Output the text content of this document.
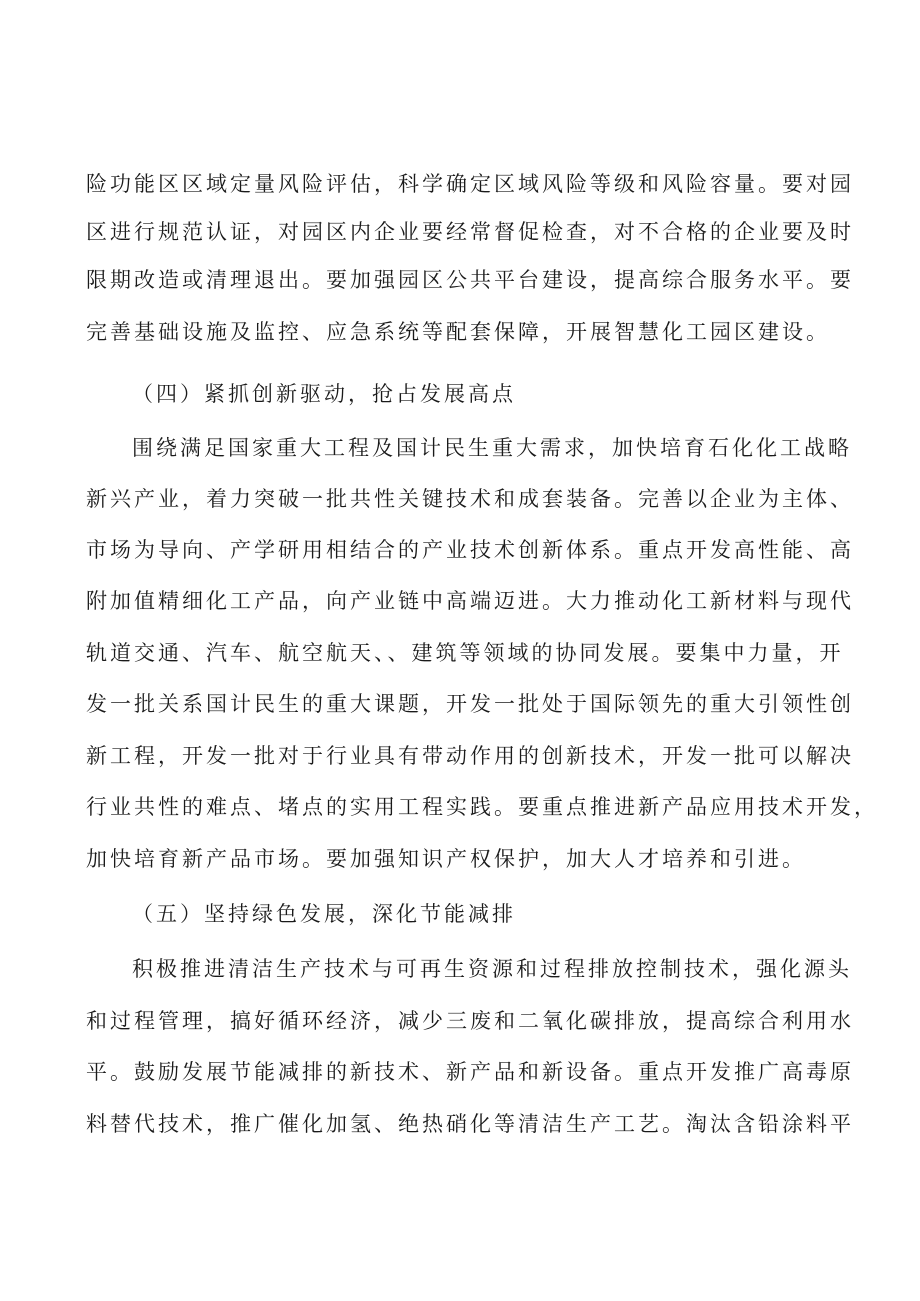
险功能区区域定量风险评估，科学确定区域风险等级和风险容量。要对园
区进行规范认证，对园区内企业要经常督促检查，对不合格的企业要及时
限期改造或清理退出。要加强园区公共平台建设，提高综合服务水平。要
完善基础设施及监控、应急系统等配套保障，开展智慧化工园区建设。
（四）紧抓创新驱动，抢占发展高点
围绕满足国家重大工程及国计民生重大需求，加快培育石化化工战略
新兴产业，着力突破一批共性关键技术和成套装备。完善以企业为主体、
市场为导向、产学研用相结合的产业技术创新体系。重点开发高性能、高
附加值精细化工产品，向产业链中高端迈进。大力推动化工新材料与现代
轨道交通、汽车、航空航天、、建筑等领域的协同发展。要集中力量，开
发一批关系国计民生的重大课题，开发一批处于国际领先的重大引领性创
新工程，开发一批对于行业具有带动作用的创新技术，开发一批可以解决
行业共性的难点、堵点的实用工程实践。要重点推进新产品应用技术开发，
加快培育新产品市场。要加强知识产权保护，加大人才培养和引进。
（五）坚持绿色发展，深化节能减排
积极推进清洁生产技术与可再生资源和过程排放控制技术，强化源头
和过程管理，搞好循环经济，减少三废和二氧化碳排放，提高综合利用水
平。鼓励发展节能减排的新技术、新产品和新设备。重点开发推广高毒原
料替代技术，推广催化加氢、绝热硝化等清洁生产工艺。淘汰含铅涂料平
